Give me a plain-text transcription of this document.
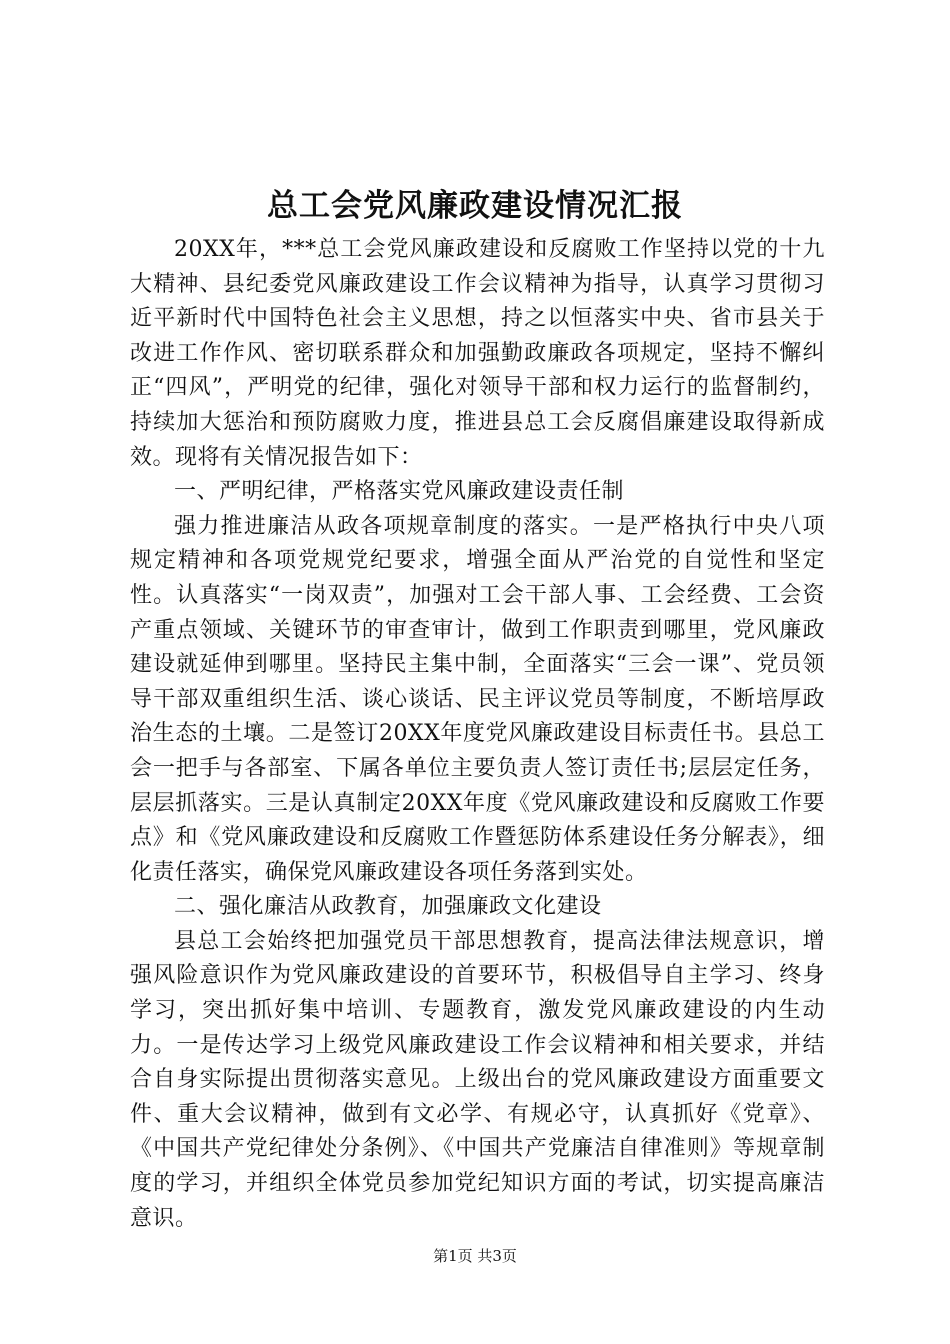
总工会党风廉政建设情况汇报

20XX年，***总工会党风廉政建设和反腐败工作坚持以党的十九大精神、县纪委党风廉政建设工作会议精神为指导，认真学习贯彻习近平新时代中国特色社会主义思想，持之以恒落实中央、省市县关于改进工作作风、密切联系群众和加强勤政廉政各项规定，坚持不懈纠正“四风”，严明党的纪律，强化对领导干部和权力运行的监督制约，持续加大惩治和预防腐败力度，推进县总工会反腐倡廉建设取得新成效。现将有关情况报告如下：

一、严明纪律，严格落实党风廉政建设责任制

强力推进廉洁从政各项规章制度的落实。一是严格执行中央八项规定精神和各项党规党纪要求，增强全面从严治党的自觉性和坚定性。认真落实“一岗双责”，加强对工会干部人事、工会经费、工会资产重点领域、关键环节的审查审计，做到工作职责到哪里，党风廉政建设就延伸到哪里。坚持民主集中制，全面落实“三会一课”、党员领导干部双重组织生活、谈心谈话、民主评议党员等制度，不断培厚政治生态的土壤。二是签订20XX年度党风廉政建设目标责任书。县总工会一把手与各部室、下属各单位主要负责人签订责任书;层层定任务，层层抓落实。三是认真制定20XX年度《党风廉政建设和反腐败工作要点》和《党风廉政建设和反腐败工作暨惩防体系建设任务分解表》，细化责任落实，确保党风廉政建设各项任务落到实处。

二、强化廉洁从政教育，加强廉政文化建设

县总工会始终把加强党员干部思想教育，提高法律法规意识，增强风险意识作为党风廉政建设的首要环节，积极倡导自主学习、终身学习，突出抓好集中培训、专题教育，激发党风廉政建设的内生动力。一是传达学习上级党风廉政建设工作会议精神和相关要求，并结合自身实际提出贯彻落实意见。上级出台的党风廉政建设方面重要文件、重大会议精神，做到有文必学、有规必守，认真抓好《党章》、《中国共产党纪律处分条例》、《中国共产党廉洁自律准则》等规章制度的学习，并组织全体党员参加党纪知识方面的考试，切实提高廉洁意识。

第1页 共3页
